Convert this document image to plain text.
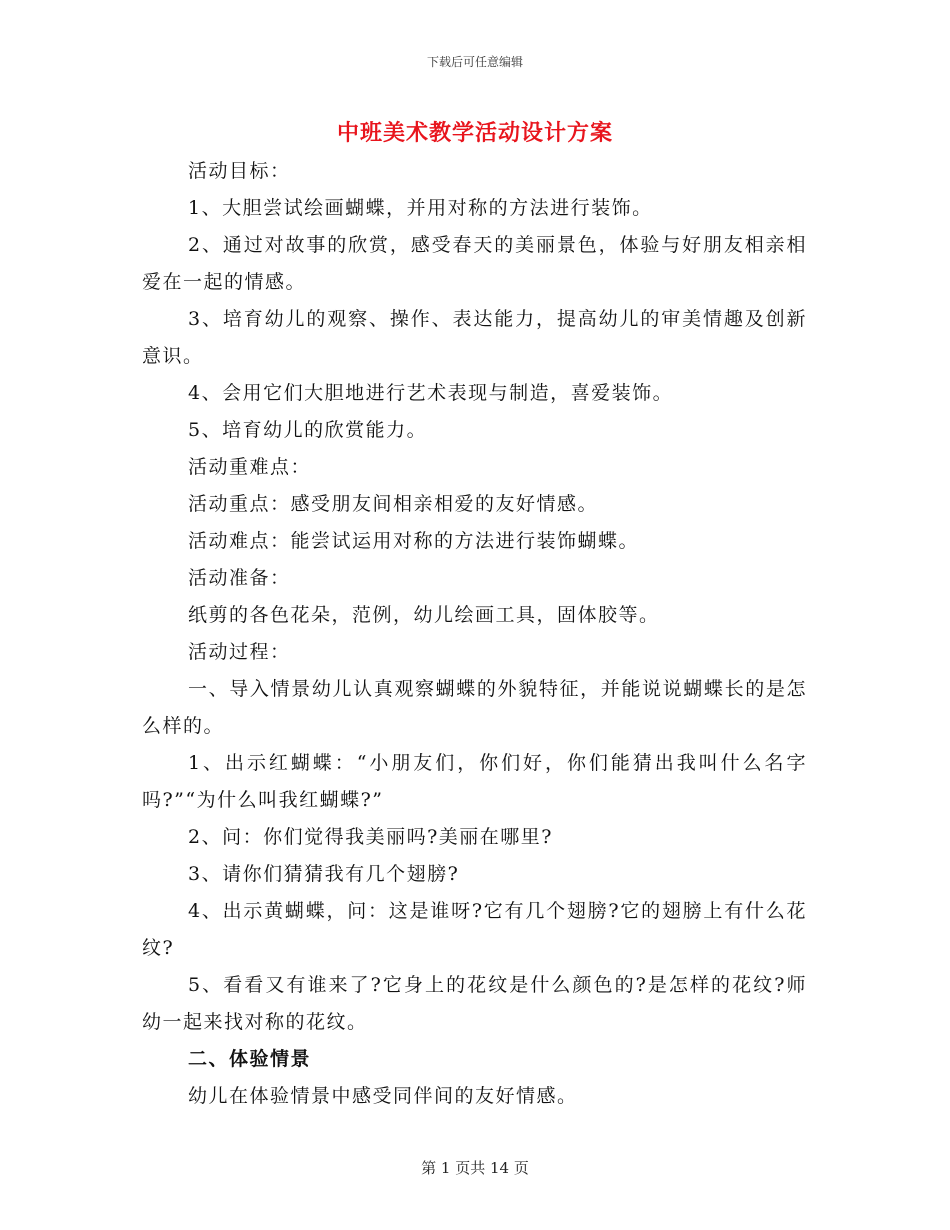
下载后可任意编辑
中班美术教学活动设计方案

活动目标：

1、大胆尝试绘画蝴蝶，并用对称的方法进行装饰。

2、通过对故事的欣赏，感受春天的美丽景色，体验与好朋友相亲相爱在一起的情感。

3、培育幼儿的观察、操作、表达能力，提高幼儿的审美情趣及创新意识。

4、会用它们大胆地进行艺术表现与制造，喜爱装饰。

5、培育幼儿的欣赏能力。

活动重难点：

活动重点：感受朋友间相亲相爱的友好情感。

活动难点：能尝试运用对称的方法进行装饰蝴蝶。

活动准备：

纸剪的各色花朵，范例，幼儿绘画工具，固体胶等。

活动过程：

一、导入情景幼儿认真观察蝴蝶的外貌特征，并能说说蝴蝶长的是怎么样的。

1、出示红蝴蝶：“小朋友们，你们好，你们能猜出我叫什么名字吗?”“为什么叫我红蝴蝶?”

2、问：你们觉得我美丽吗?美丽在哪里?

3、请你们猜猜我有几个翅膀?

4、出示黄蝴蝶，问：这是谁呀?它有几个翅膀?它的翅膀上有什么花纹?

5、看看又有谁来了?它身上的花纹是什么颜色的?是怎样的花纹?师幼一起来找对称的花纹。

二、体验情景

幼儿在体验情景中感受同伴间的友好情感。

第 1 页共 14 页
